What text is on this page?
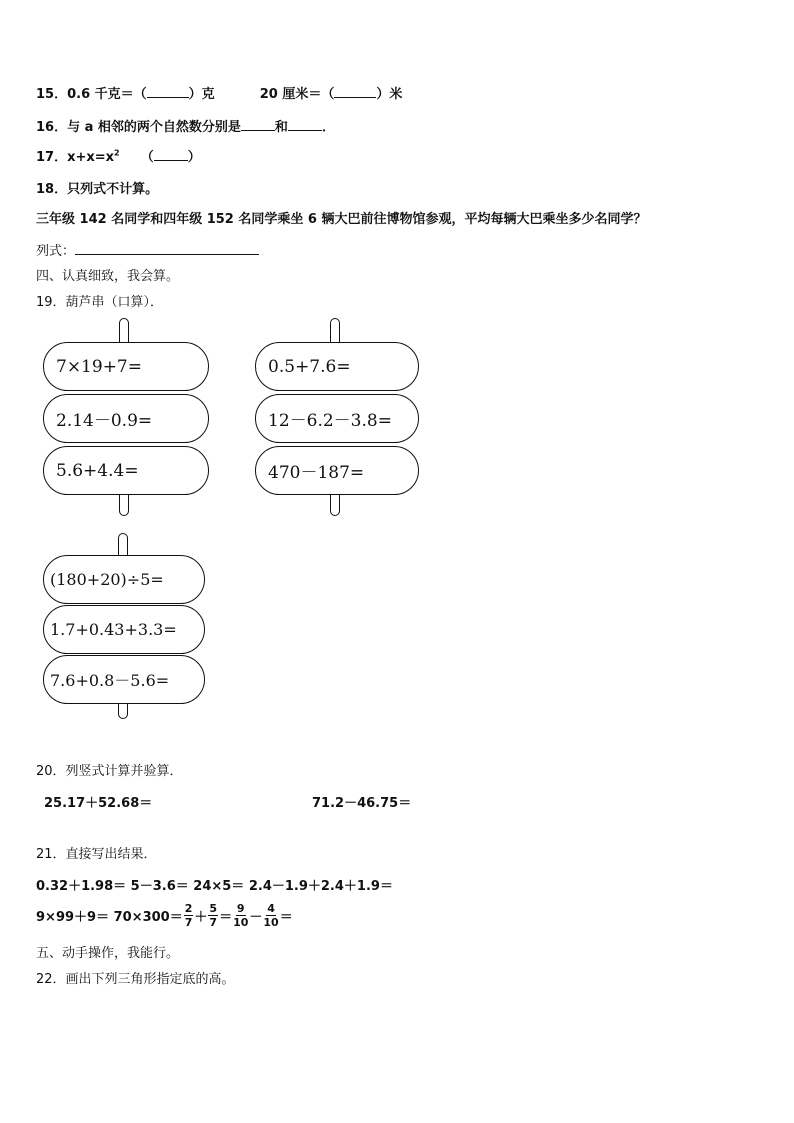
15．0.6 千克＝（	）克	20 厘米＝（	）米
16．与 a 相邻的两个自然数分别是	和	．
17．$x+x=x^2$ （	）
18．只列式不计算。
三年级 142 名同学和四年级 152 名同学乘坐 6 辆大巴前往博物馆参观，平均每辆大巴乘坐多少名同学？
列式：
四、认真细致，我会算。
19．葫芦串（口算）．
7×19+7=
2.14－0.9=
5.6+4.4=
0.5+7.6=
12－6.2－3.8=
470－187=
(180+20)÷5=
1.7+0.43+3.3=
7.6+0.8－5.6=
20．列竖式计算并验算．
25.17＋52.68＝	71.2－46.75＝
21．直接写出结果．
0.32＋1.98＝ 5－3.6＝ 24×5＝ 2.4－1.9＋2.4＋1.9＝
$9\times 99+9= 70\times 300= \frac{2}{7} + \frac{5}{7} = \frac{9}{10} - \frac{4}{10}$ ＝
五、动手操作，我能行。
22．画出下列三角形指定底的高。
